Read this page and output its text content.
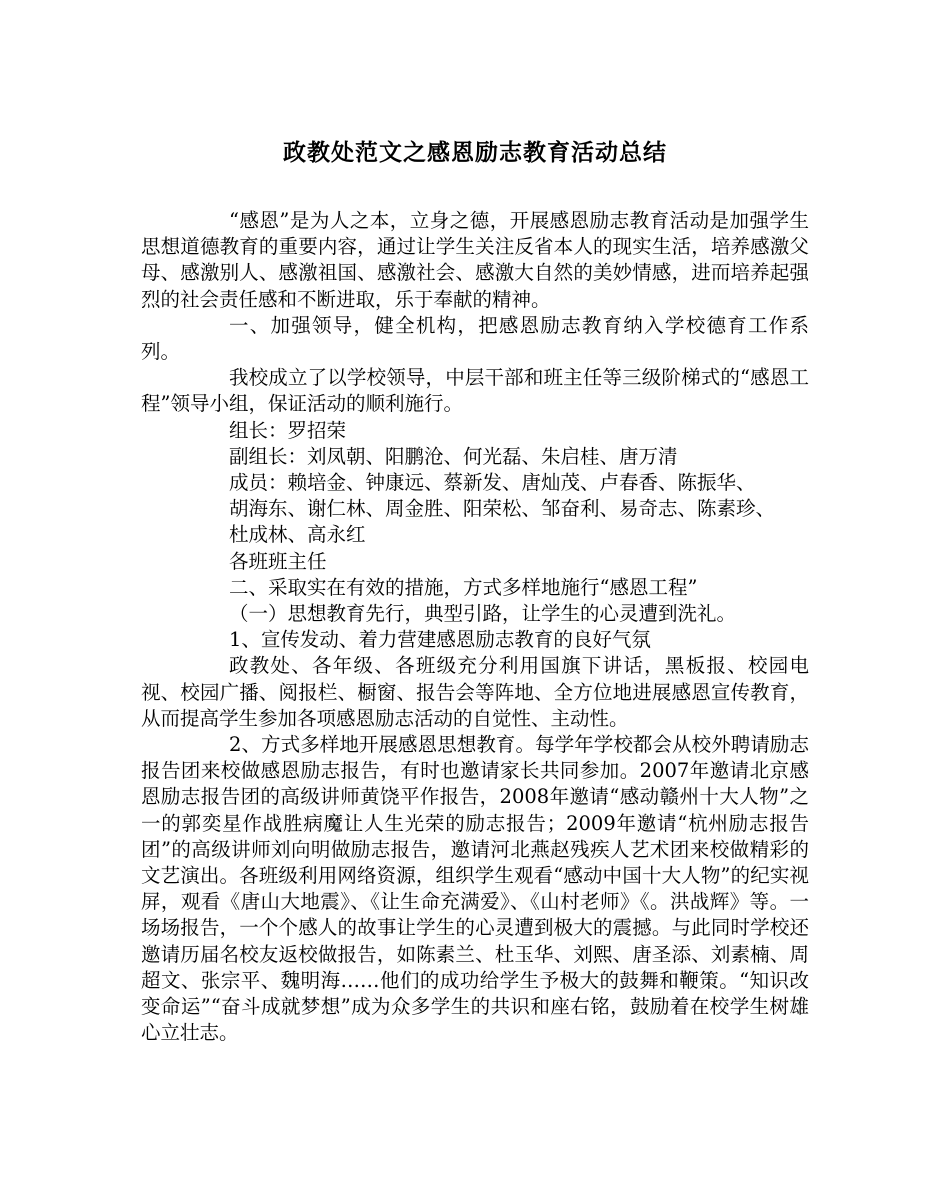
政教处范文之感恩励志教育活动总结

“感恩”是为人之本，立身之德，开展感恩励志教育活动是加强学生思想道德教育的重要内容，通过让学生关注反省本人的现实生活，培养感激父母、感激别人、感激祖国、感激社会、感激大自然的美妙情感，进而培养起强烈的社会责任感和不断进取，乐于奉献的精神。

一、加强领导，健全机构，把感恩励志教育纳入学校德育工作系列。

我校成立了以学校领导，中层干部和班主任等三级阶梯式的“感恩工程”领导小组，保证活动的顺利施行。

组长：罗招荣

副组长：刘凤朝、阳鹏沧、何光磊、朱启桂、唐万清

成员：赖培金、钟康远、蔡新发、唐灿茂、卢春香、陈振华、

胡海东、谢仁林、周金胜、阳荣松、邹奋利、易奇志、陈素珍、

杜成林、高永红

各班班主任

二、采取实在有效的措施，方式多样地施行“感恩工程”

（一）思想教育先行，典型引路，让学生的心灵遭到洗礼。

1、宣传发动、着力营建感恩励志教育的良好气氛

政教处、各年级、各班级充分利用国旗下讲话，黑板报、校园电视、校园广播、阅报栏、橱窗、报告会等阵地、全方位地进展感恩宣传教育，从而提高学生参加各项感恩励志活动的自觉性、主动性。

2、方式多样地开展感恩思想教育。每学年学校都会从校外聘请励志报告团来校做感恩励志报告，有时也邀请家长共同参加。2007年邀请北京感恩励志报告团的高级讲师黄饶平作报告，2008年邀请“感动赣州十大人物”之一的郭奕星作战胜病魔让人生光荣的励志报告；2009年邀请“杭州励志报告团”的高级讲师刘向明做励志报告，邀请河北燕赵残疾人艺术团来校做精彩的文艺演出。各班级利用网络资源，组织学生观看“感动中国十大人物”的纪实视屏，观看《唐山大地震》、《让生命充满爱》、《山村老师》《。洪战辉》等。一场场报告，一个个感人的故事让学生的心灵遭到极大的震撼。与此同时学校还邀请历届名校友返校做报告，如陈素兰、杜玉华、刘熙、唐圣添、刘素楠、周超文、张宗平、魏明海……他们的成功给学生予极大的鼓舞和鞭策。“知识改变命运”“奋斗成就梦想”成为众多学生的共识和座右铭，鼓励着在校学生树雄心立壮志。
